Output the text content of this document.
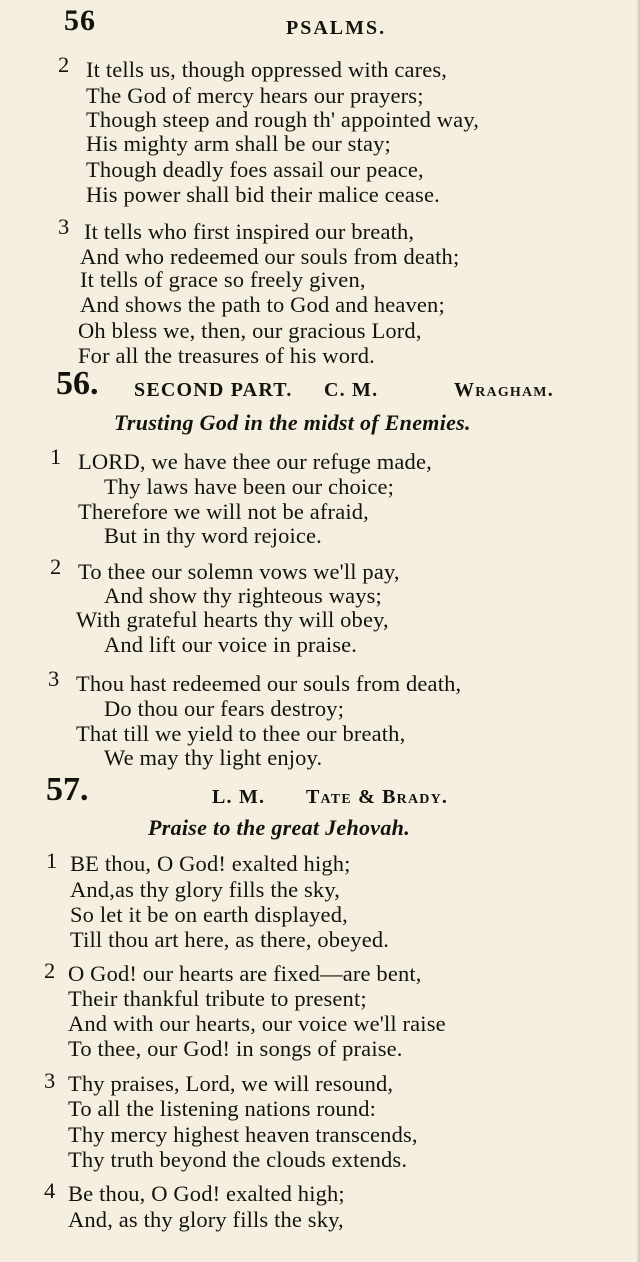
56	PSALMS.
2 It tells us, though oppressed with cares,
The God of mercy hears our prayers;
Though steep and rough th' appointed way,
His mighty arm shall be our stay;
Though deadly foes assail our peace,
His power shall bid their malice cease.
3 It tells who first inspired our breath,
And who redeemed our souls from death;
It tells of grace so freely given,
And shows the path to God and heaven;
Oh bless we, then, our gracious Lord,
For all the treasures of his word.
56. SECOND PART. C. M.	Wragham.
Trusting God in the midst of Enemies.
1 LORD, we have thee our refuge made,
Thy laws have been our choice;
Therefore we will not be afraid,
But in thy word rejoice.
2 To thee our solemn vows we'll pay,
And show thy righteous ways;
With grateful hearts thy will obey,
And lift our voice in praise.
3 Thou hast redeemed our souls from death,
Do thou our fears destroy;
That till we yield to thee our breath,
We may thy light enjoy.
57.	L. M. Tate & Brady.
Praise to the great Jehovah.
1 BE thou, O God! exalted high;
And,as thy glory fills the sky,
So let it be on earth displayed,
Till thou art here, as there, obeyed.
2 O God! our hearts are fixed—are bent,
Their thankful tribute to present;
And with our hearts, our voice we'll raise
To thee, our God! in songs of praise.
3 Thy praises, Lord, we will resound,
To all the listening nations round:
Thy mercy highest heaven transcends,
Thy truth beyond the clouds extends.
4 Be thou, O God! exalted high;
And, as thy glory fills the sky,
